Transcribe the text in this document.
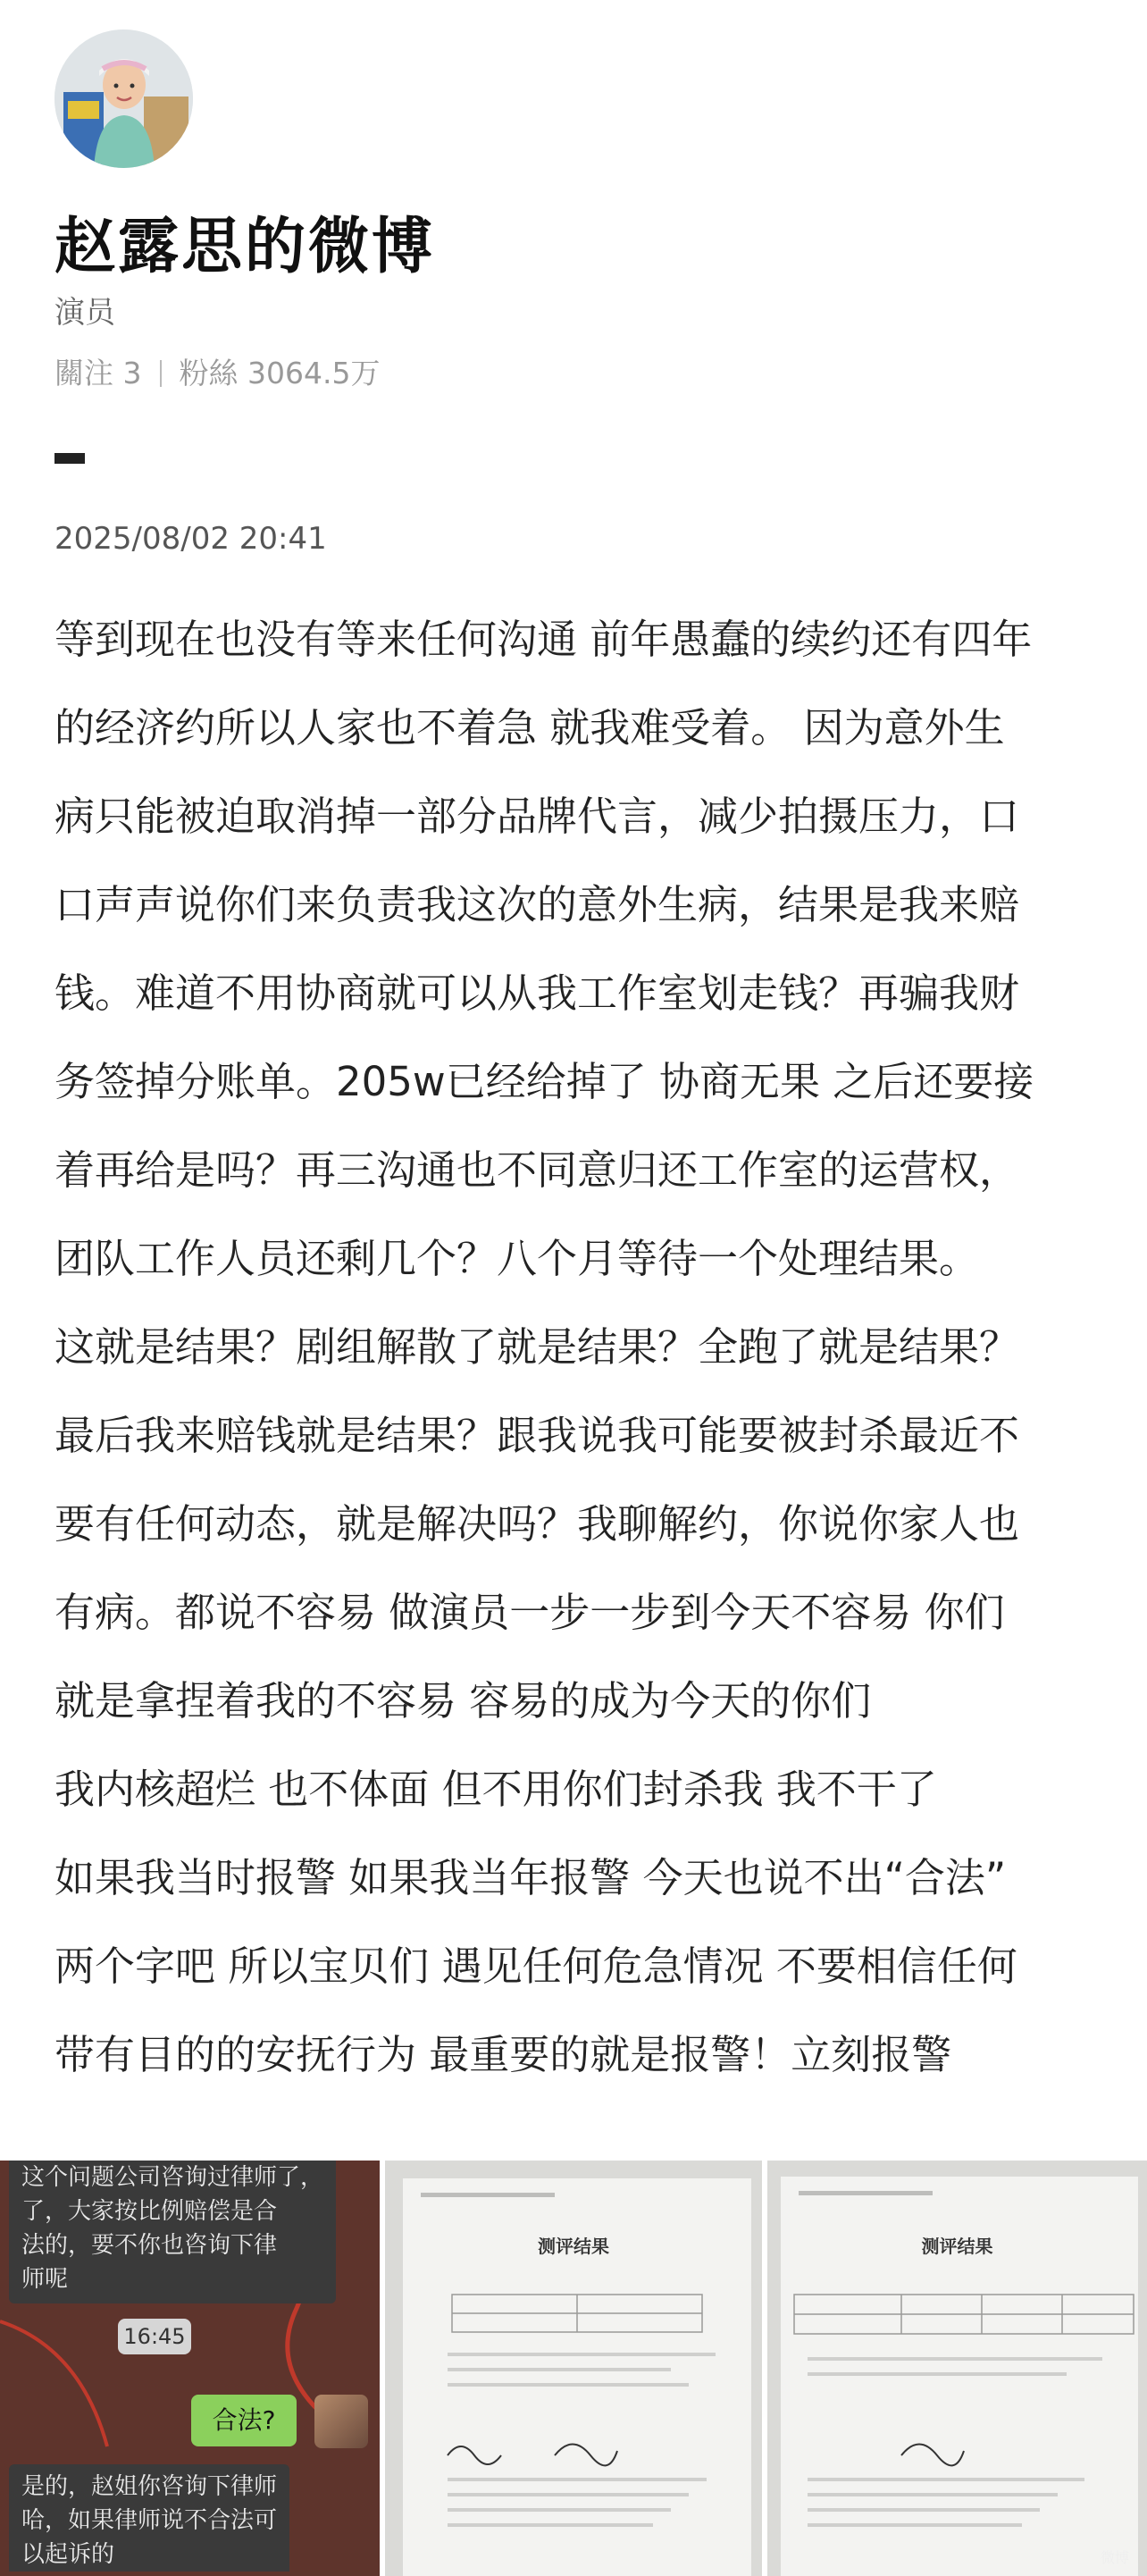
赵露思的微博
演员
關注 3 粉絲 3064.5万
2025/08/02 20:41
等到现在也没有等来任何沟通 前年愚蠢的续约还有四年
的经济约所以人家也不着急 就我难受着。 因为意外生
病只能被迫取消掉一部分品牌代言，减少拍摄压力，口
口声声说你们来负责我这次的意外生病，结果是我来赔
钱。难道不用协商就可以从我工作室划走钱？再骗我财
务签掉分账单。205w已经给掉了 协商无果 之后还要接
着再给是吗？再三沟通也不同意归还工作室的运营权，
团队工作人员还剩几个？八个月等待一个处理结果。
这就是结果？剧组解散了就是结果？全跑了就是结果？
最后我来赔钱就是结果？跟我说我可能要被封杀最近不
要有任何动态，就是解决吗？我聊解约，你说你家人也
有病。都说不容易 做演员一步一步到今天不容易 你们
就是拿捏着我的不容易 容易的成为今天的你们
我内核超烂 也不体面 但不用你们封杀我 我不干了
如果我当时报警 如果我当年报警 今天也说不出“合法”
两个字吧 所以宝贝们 遇见任何危急情况 不要相信任何
带有目的的安抚行为 最重要的就是报警！立刻报警
这个问题公司咨询过律师了，
了，大家按比例赔偿是合
法的，要不你也咨询下律
师呢
16:45
合法?
是的，赵姐你咨询下律师
哈，如果律师说不合法可
以起诉的
测评结果	测评结果
微博
